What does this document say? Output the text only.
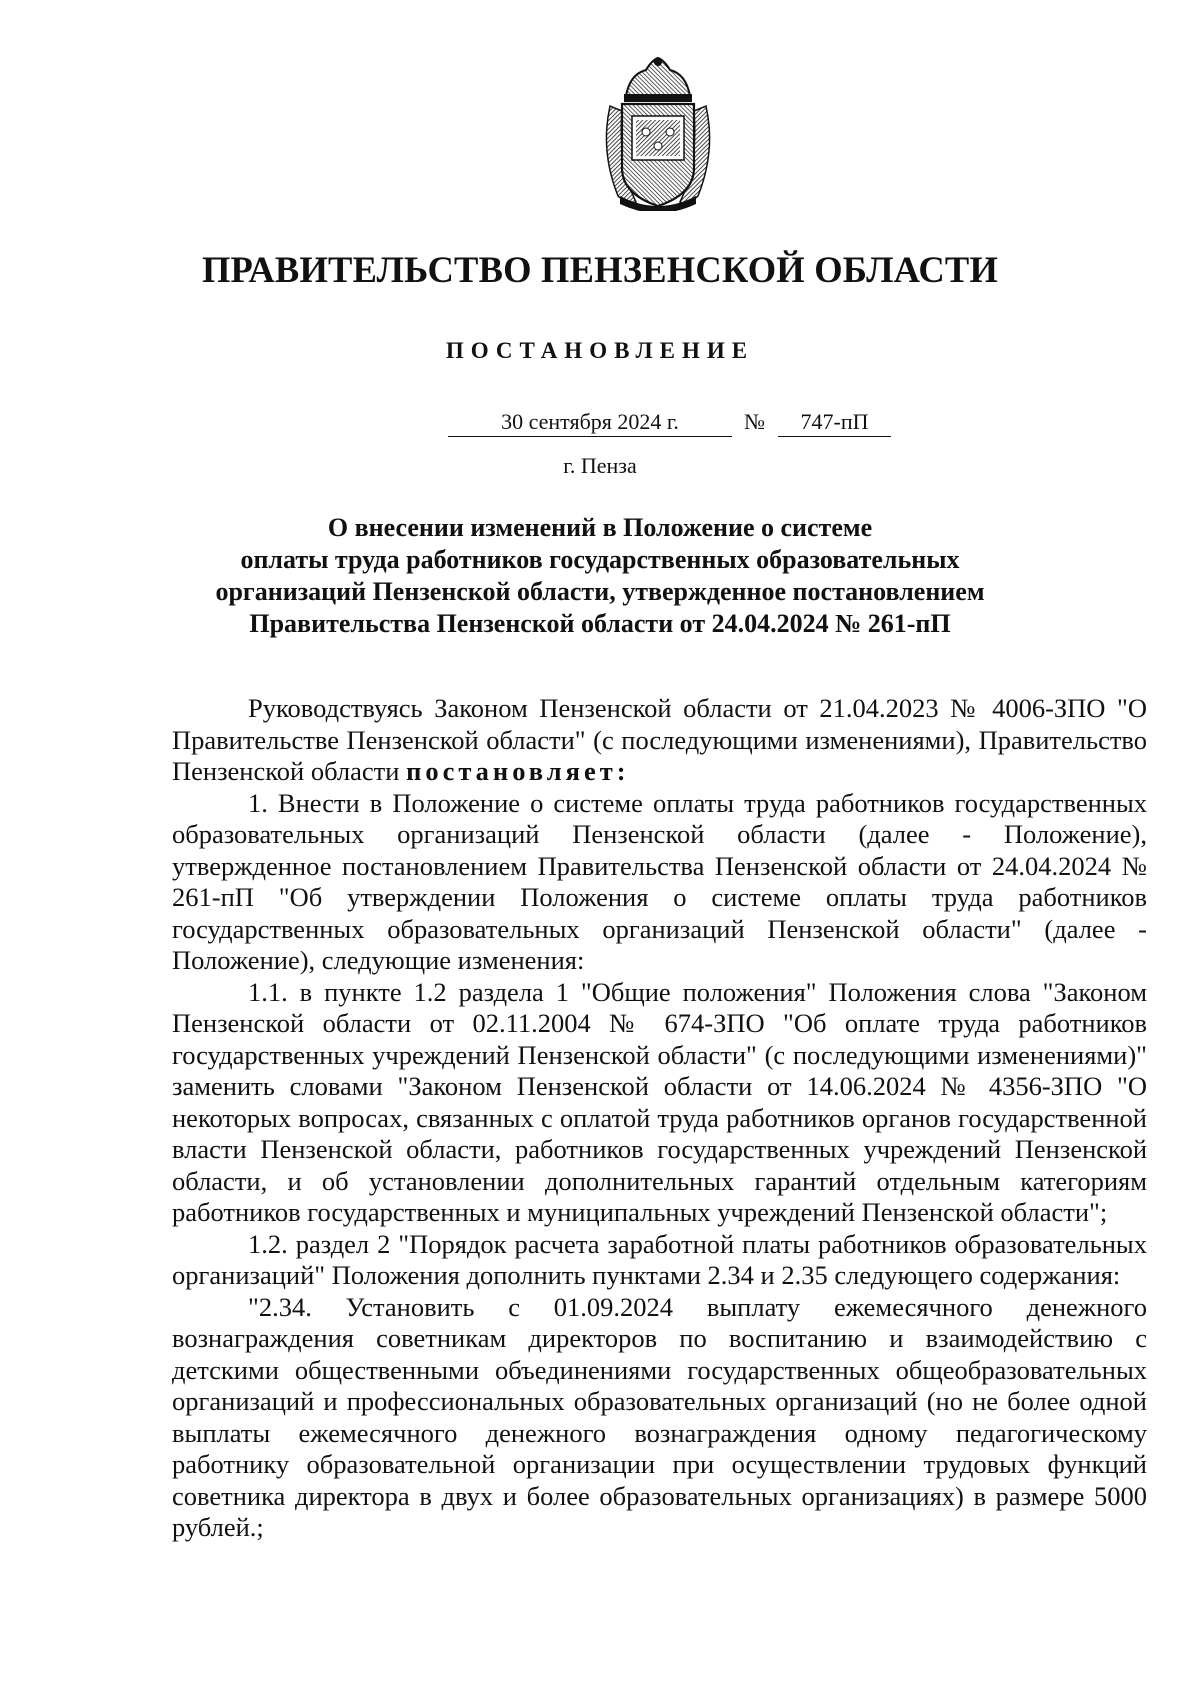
ПРАВИТЕЛЬСТВО ПЕНЗЕНСКОЙ ОБЛАСТИ
ПОСТАНОВЛЕНИЕ
30 сентября 2024 г.	№	747-пП
г. Пенза
О внесении изменений в Положение о системе
оплаты труда работников государственных образовательных
организаций Пензенской области, утвержденное постановлением
Правительства Пензенской области от 24.04.2024 № 261-пП

Руководствуясь Законом Пензенской области от 21.04.2023 № 4006-ЗПО "О Правительстве Пензенской области" (с последующими изменениями), Правительство Пензенской области постановляет:

1. Внести в Положение о системе оплаты труда работников государственных образовательных организаций Пензенской области (далее - Положение), утвержденное постановлением Правительства Пензенской области от 24.04.2024 № 261-пП "Об утверждении Положения о системе оплаты труда работников государственных образовательных организаций Пензенской области" (далее - Положение), следующие изменения:

1.1. в пункте 1.2 раздела 1 "Общие положения" Положения слова "Законом Пензенской области от 02.11.2004 № 674-ЗПО "Об оплате труда работников государственных учреждений Пензенской области" (с последующими изменениями)" заменить словами "Законом Пензенской области от 14.06.2024 № 4356-ЗПО "О некоторых вопросах, связанных с оплатой труда работников органов государственной власти Пензенской области, работников государственных учреждений Пензенской области, и об установлении дополнительных гарантий отдельным категориям работников государственных и муниципальных учреждений Пензенской области";

1.2. раздел 2 "Порядок расчета заработной платы работников образовательных организаций" Положения дополнить пунктами 2.34 и 2.35 следующего содержания:

"2.34. Установить с 01.09.2024 выплату ежемесячного денежного вознаграждения советникам директоров по воспитанию и взаимодействию с детскими общественными объединениями государственных общеобразовательных организаций и профессиональных образовательных организаций (но не более одной выплаты ежемесячного денежного вознаграждения одному педагогическому работнику образовательной организации при осуществлении трудовых функций советника директора в двух и более образовательных организациях) в размере 5000 рублей.;
